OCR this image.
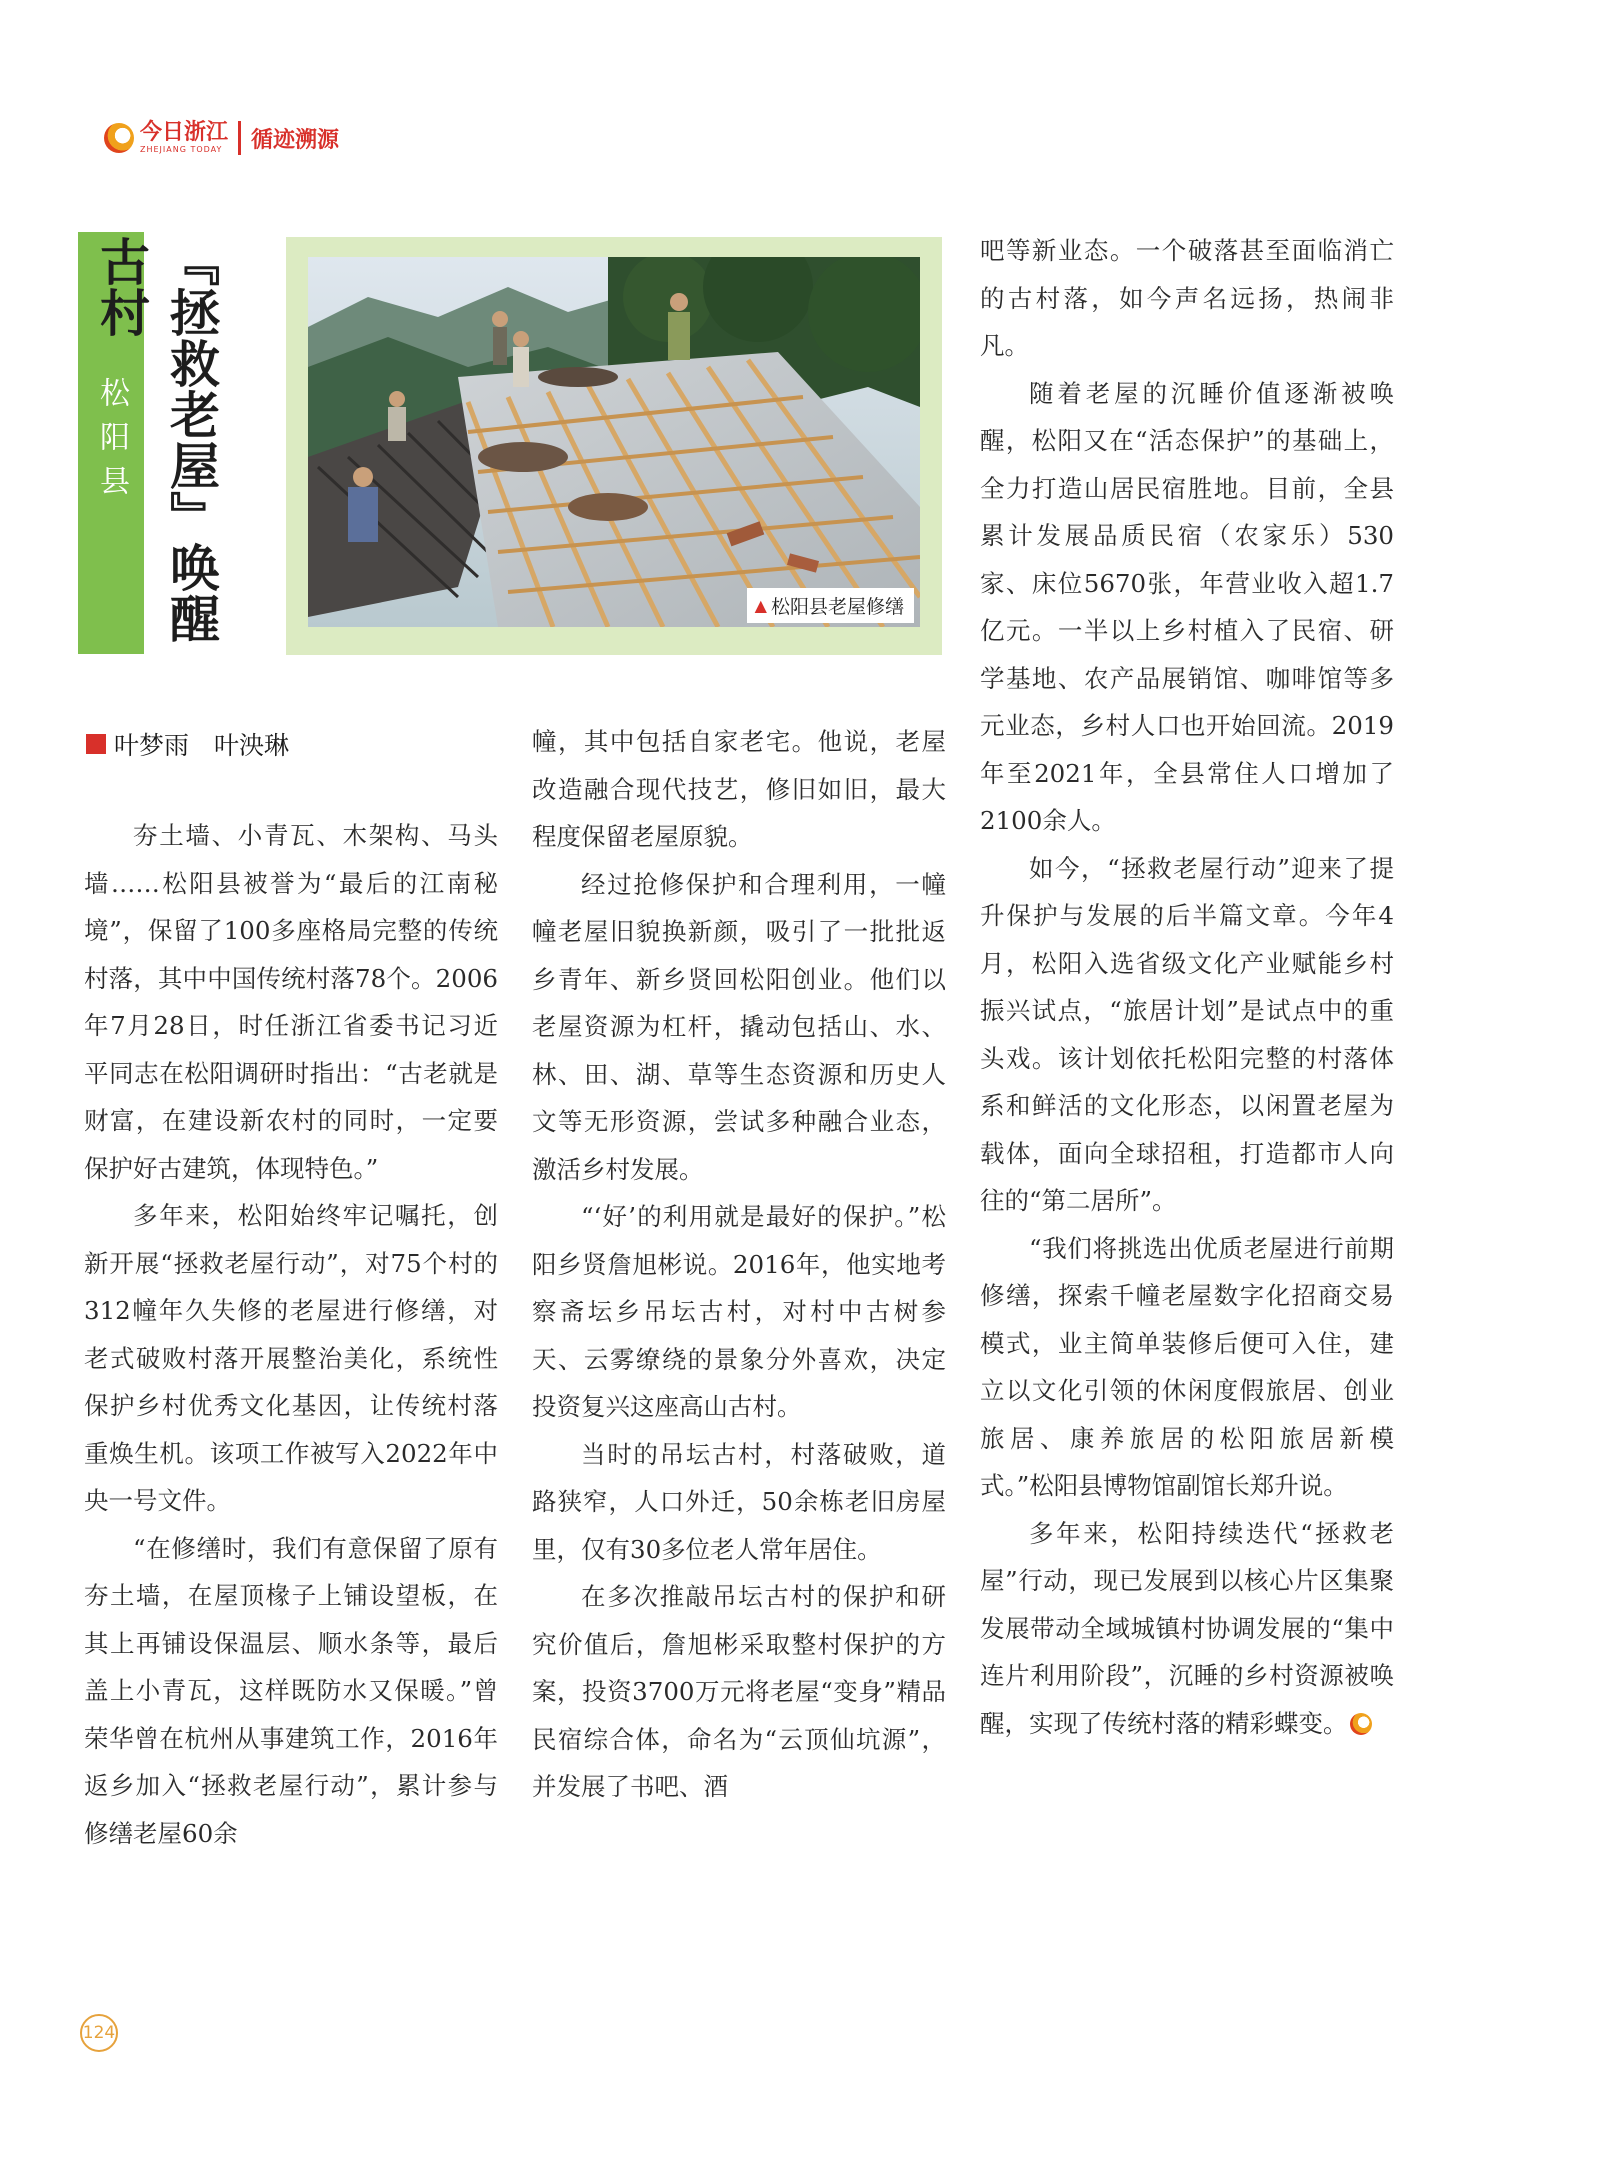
今日浙江
ZHEJIANG TODAY 循迹溯源
松阳县 『拯救老屋』唤醒古村
▲ 松阳县老屋修缮
叶梦雨　叶泱琳

夯土墙、小青瓦、木架构、马头墙……松阳县被誉为“最后的江南秘境”，保留了100多座格局完整的传统村落，其中中国传统村落78个。2006年7月28日，时任浙江省委书记习近平同志在松阳调研时指出：“古老就是财富，在建设新农村的同时，一定要保护好古建筑，体现特色。”

多年来，松阳始终牢记嘱托，创新开展“拯救老屋行动”，对75个村的312幢年久失修的老屋进行修缮，对老式破败村落开展整治美化，系统性保护乡村优秀文化基因，让传统村落重焕生机。该项工作被写入2022年中央一号文件。

“在修缮时，我们有意保留了原有夯土墙，在屋顶椽子上铺设望板，在其上再铺设保温层、顺水条等，最后盖上小青瓦，这样既防水又保暖。”曾荣华曾在杭州从事建筑工作，2016年返乡加入“拯救老屋行动”，累计参与修缮老屋60余

幢，其中包括自家老宅。他说，老屋改造融合现代技艺，修旧如旧，最大程度保留老屋原貌。

经过抢修保护和合理利用，一幢幢老屋旧貌换新颜，吸引了一批批返乡青年、新乡贤回松阳创业。他们以老屋资源为杠杆，撬动包括山、水、林、田、湖、草等生态资源和历史人文等无形资源，尝试多种融合业态，激活乡村发展。

“‘好’的利用就是最好的保护。”松阳乡贤詹旭彬说。2016年，他实地考察斋坛乡吊坛古村，对村中古树参天、云雾缭绕的景象分外喜欢，决定投资复兴这座高山古村。

当时的吊坛古村，村落破败，道路狭窄，人口外迁，50余栋老旧房屋里，仅有30多位老人常年居住。

在多次推敲吊坛古村的保护和研究价值后，詹旭彬采取整村保护的方案，投资3700万元将老屋“变身”精品民宿综合体，命名为“云顶仙坑源”，并发展了书吧、酒

吧等新业态。一个破落甚至面临消亡的古村落，如今声名远扬，热闹非凡。

随着老屋的沉睡价值逐渐被唤醒，松阳又在“活态保护”的基础上，全力打造山居民宿胜地。目前，全县累计发展品质民宿（农家乐）530家、床位5670张，年营业收入超1.7亿元。一半以上乡村植入了民宿、研学基地、农产品展销馆、咖啡馆等多元业态，乡村人口也开始回流。2019年至2021年，全县常住人口增加了2100余人。

如今，“拯救老屋行动”迎来了提升保护与发展的后半篇文章。今年4月，松阳入选省级文化产业赋能乡村振兴试点，“旅居计划”是试点中的重头戏。该计划依托松阳完整的村落体系和鲜活的文化形态，以闲置老屋为载体，面向全球招租，打造都市人向往的“第二居所”。

“我们将挑选出优质老屋进行前期修缮，探索千幢老屋数字化招商交易模式，业主简单装修后便可入住，建立以文化引领的休闲度假旅居、创业旅居、康养旅居的松阳旅居新模式。”松阳县博物馆副馆长郑升说。

多年来，松阳持续迭代“拯救老屋”行动，现已发展到以核心片区集聚发展带动全域城镇村协调发展的“集中连片利用阶段”，沉睡的乡村资源被唤醒，实现了传统村落的精彩蝶变。

124
